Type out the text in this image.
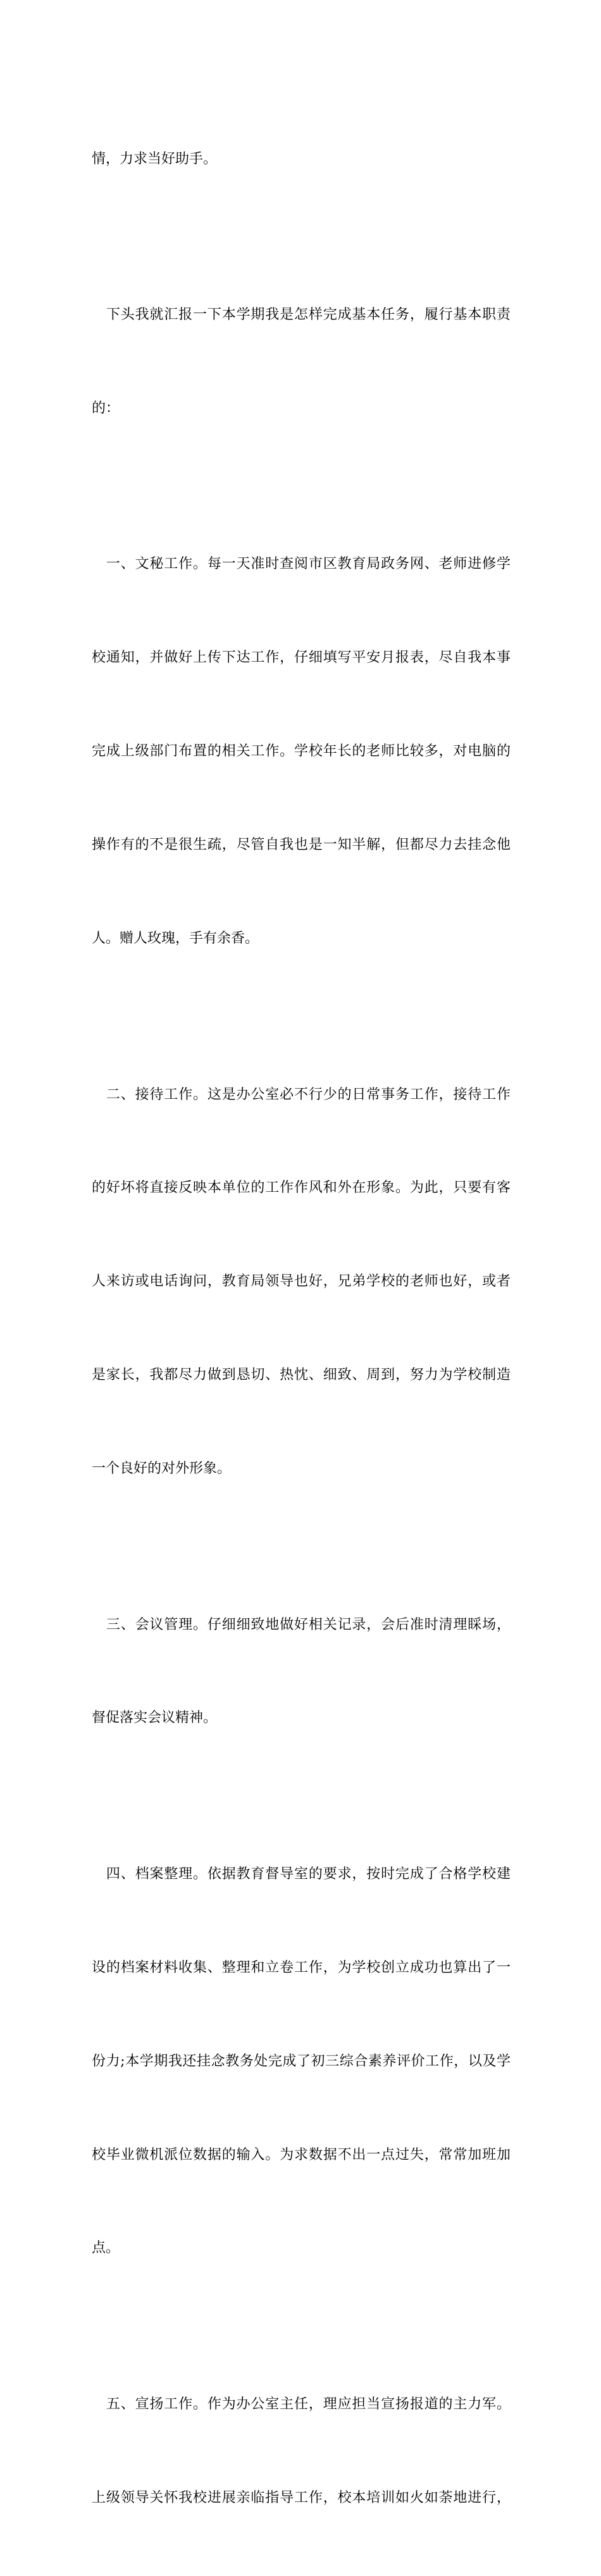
情，力求当好助手。

　下头我就汇报一下本学期我是怎样完成基本任务，履行基本职责

的：

　一、文秘工作。每一天准时查阅市区教育局政务网、老师进修学

校通知，并做好上传下达工作，仔细填写平安月报表，尽自我本事

完成上级部门布置的相关工作。学校年长的老师比较多，对电脑的

操作有的不是很生疏，尽管自我也是一知半解，但都尽力去挂念他

人。赠人玫瑰，手有余香。

　二、接待工作。这是办公室必不行少的日常事务工作，接待工作

的好坏将直接反映本单位的工作作风和外在形象。为此，只要有客

人来访或电话询问，教育局领导也好，兄弟学校的老师也好，或者

是家长，我都尽力做到恳切、热忱、细致、周到，努力为学校制造

一个良好的对外形象。

　三、会议管理。仔细细致地做好相关记录，会后准时清理睬场，

督促落实会议精神。

　四、档案整理。依据教育督导室的要求，按时完成了合格学校建

设的档案材料收集、整理和立卷工作，为学校创立成功也算出了一

份力;本学期我还挂念教务处完成了初三综合素养评价工作，以及学

校毕业微机派位数据的输入。为求数据不出一点过失，常常加班加

点。

　五、宣扬工作。作为办公室主任，理应担当宣扬报道的主力军。

上级领导关怀我校进展亲临指导工作，校本培训如火如荼地进行，
